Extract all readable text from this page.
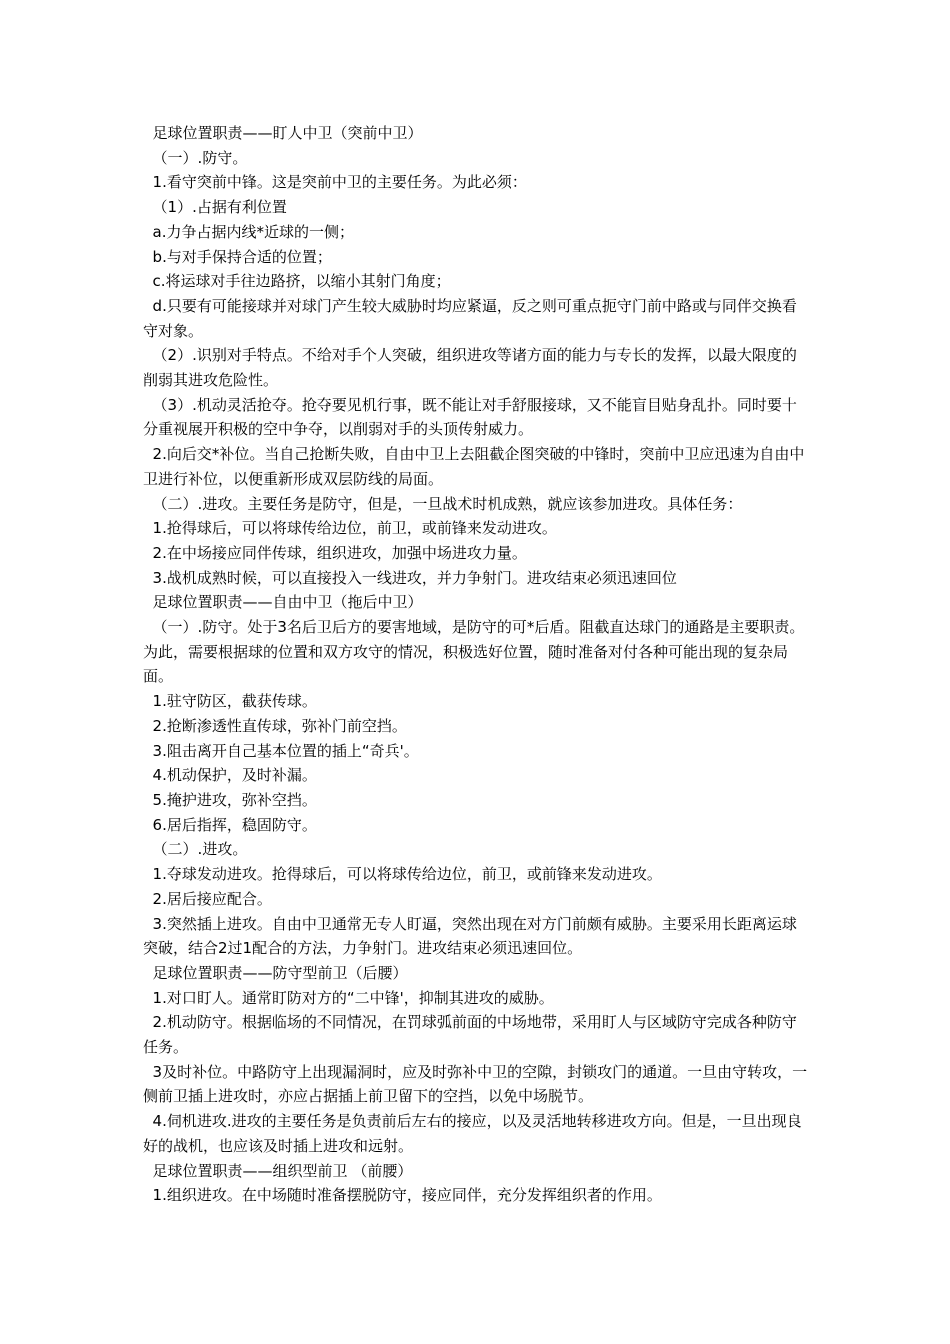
足球位置职责——盯人中卫（突前中卫）
（一）.防守。
1.看守突前中锋。这是突前中卫的主要任务。为此必须：
（1）.占据有利位置
a.力争占据内线*近球的一侧；
b.与对手保持合适的位置；
c.将运球对手往边路挤，以缩小其射门角度；
d.只要有可能接球并对球门产生较大威胁时均应紧逼，反之则可重点扼守门前中路或与同伴交换看守对象。
（2）.识别对手特点。不给对手个人突破，组织进攻等诸方面的能力与专长的发挥，以最大限度的削弱其进攻危险性。
（3）.机动灵活抢夺。抢夺要见机行事，既不能让对手舒服接球，又不能盲目贴身乱扑。同时要十分重视展开积极的空中争夺，以削弱对手的头顶传射威力。
2.向后交*补位。当自己抢断失败，自由中卫上去阻截企图突破的中锋时，突前中卫应迅速为自由中卫进行补位，以便重新形成双层防线的局面。
（二）.进攻。主要任务是防守，但是，一旦战术时机成熟，就应该参加进攻。具体任务：
1.抢得球后，可以将球传给边位，前卫，或前锋来发动进攻。
2.在中场接应同伴传球，组织进攻，加强中场进攻力量。
3.战机成熟时候，可以直接投入一线进攻，并力争射门。进攻结束必须迅速回位
足球位置职责——自由中卫（拖后中卫）
（一）.防守。处于3名后卫后方的要害地域，是防守的可*后盾。阻截直达球门的通路是主要职责。为此，需要根据球的位置和双方攻守的情况，积极选好位置，随时准备对付各种可能出现的复杂局面。
1.驻守防区，截获传球。
2.抢断渗透性直传球，弥补门前空挡。
3.阻击离开自己基本位置的插上“奇兵'。
4.机动保护，及时补漏。
5.掩护进攻，弥补空挡。
6.居后指挥，稳固防守。
（二）.进攻。
1.夺球发动进攻。抢得球后，可以将球传给边位，前卫，或前锋来发动进攻。
2.居后接应配合。
3.突然插上进攻。自由中卫通常无专人盯逼，突然出现在对方门前颇有威胁。主要采用长距离运球突破，结合2过1配合的方法，力争射门。进攻结束必须迅速回位。
足球位置职责——防守型前卫（后腰）
1.对口盯人。通常盯防对方的“二中锋'，抑制其进攻的威胁。
2.机动防守。根据临场的不同情况，在罚球弧前面的中场地带，采用盯人与区域防守完成各种防守任务。
3及时补位。中路防守上出现漏洞时，应及时弥补中卫的空隙，封锁攻门的通道。一旦由守转攻，一侧前卫插上进攻时，亦应占据插上前卫留下的空挡，以免中场脱节。
4.伺机进攻.进攻的主要任务是负责前后左右的接应，以及灵活地转移进攻方向。但是，一旦出现良好的战机，也应该及时插上进攻和远射。
足球位置职责——组织型前卫 （前腰）
1.组织进攻。在中场随时准备摆脱防守，接应同伴，充分发挥组织者的作用。
